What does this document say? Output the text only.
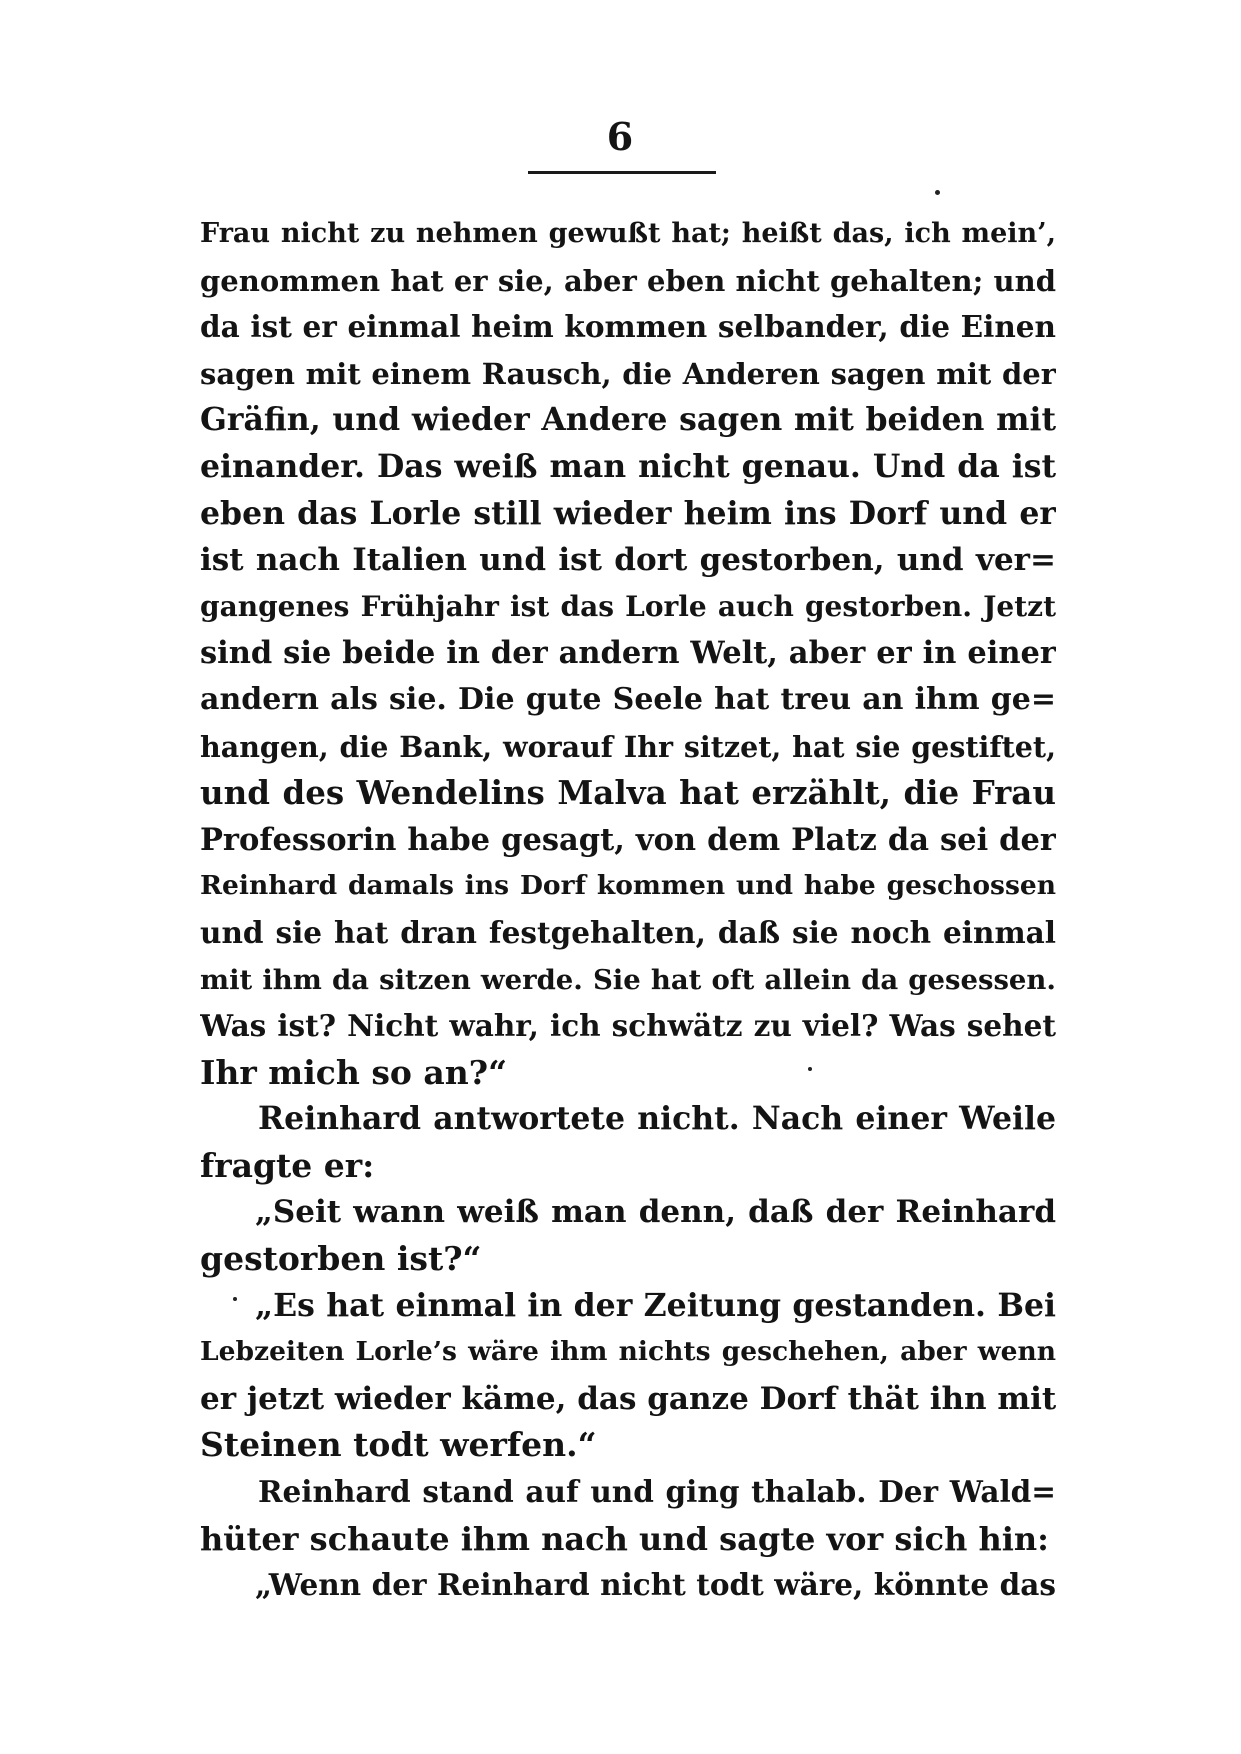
6
Frau nicht zu nehmen gewußt hat; heißt das, ich mein’,
genommen hat er sie, aber eben nicht gehalten; und
da ist er einmal heim kommen selbander, die Einen
sagen mit einem Rausch, die Anderen sagen mit der
Gräfin, und wieder Andere sagen mit beiden mit
einander. Das weiß man nicht genau. Und da ist
eben das Lorle still wieder heim ins Dorf und er
ist nach Italien und ist dort gestorben, und ver=
gangenes Frühjahr ist das Lorle auch gestorben. Jetzt
sind sie beide in der andern Welt, aber er in einer
andern als sie. Die gute Seele hat treu an ihm ge=
hangen, die Bank, worauf Ihr sitzet, hat sie gestiftet,
und des Wendelins Malva hat erzählt, die Frau
Professorin habe gesagt, von dem Platz da sei der
Reinhard damals ins Dorf kommen und habe geschossen
und sie hat dran festgehalten, daß sie noch einmal
mit ihm da sitzen werde. Sie hat oft allein da gesessen.
Was ist? Nicht wahr, ich schwätz zu viel? Was sehet
Ihr mich so an?“
Reinhard antwortete nicht. Nach einer Weile
fragte er:
„Seit wann weiß man denn, daß der Reinhard
gestorben ist?“
„Es hat einmal in der Zeitung gestanden. Bei
Lebzeiten Lorle’s wäre ihm nichts geschehen, aber wenn
er jetzt wieder käme, das ganze Dorf thät ihn mit
Steinen todt werfen.“
Reinhard stand auf und ging thalab. Der Wald=
hüter schaute ihm nach und sagte vor sich hin:
„Wenn der Reinhard nicht todt wäre, könnte das
